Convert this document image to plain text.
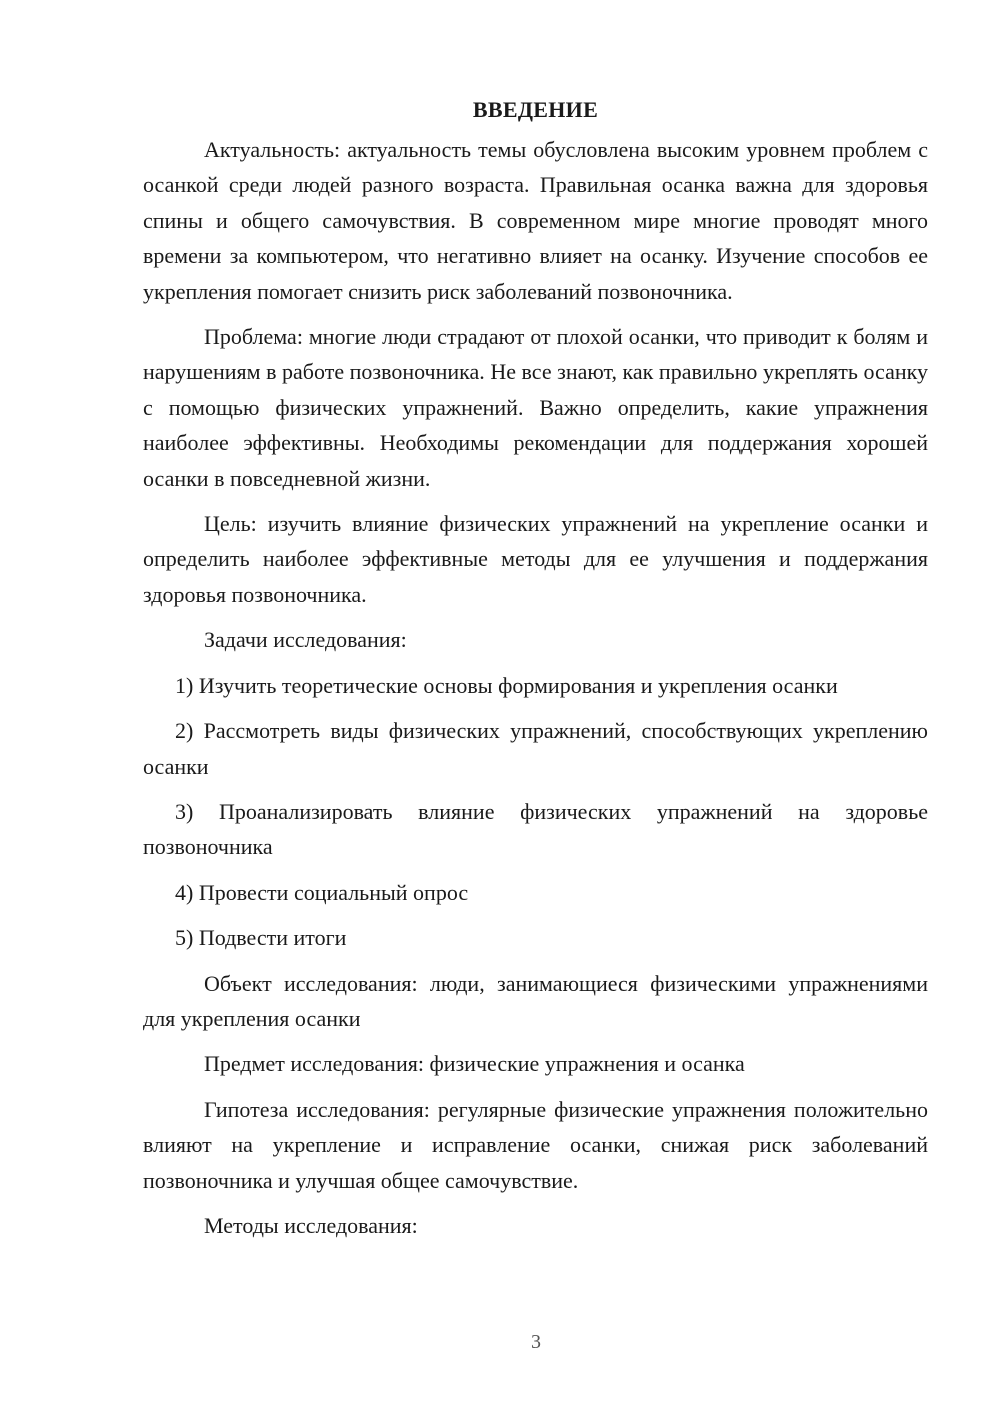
ВВЕДЕНИЕ

Актуальность: актуальность темы обусловлена высоким уровнем проблем с осанкой среди людей разного возраста. Правильная осанка важна для здоровья спины и общего самочувствия. В современном мире многие проводят много времени за компьютером, что негативно влияет на осанку. Изучение способов ее укрепления помогает снизить риск заболеваний позвоночника.

Проблема: многие люди страдают от плохой осанки, что приводит к болям и нарушениям в работе позвоночника. Не все знают, как правильно укреплять осанку с помощью физических упражнений. Важно определить, какие упражнения наиболее эффективны. Необходимы рекомендации для поддержания хорошей осанки в повседневной жизни.

Цель: изучить влияние физических упражнений на укрепление осанки и определить наиболее эффективные методы для ее улучшения и поддержания здоровья позвоночника.

Задачи исследования:

1) Изучить теоретические основы формирования и укрепления осанки

2) Рассмотреть виды физических упражнений, способствующих укреплению осанки

3) Проанализировать влияние физических упражнений на здоровье позвоночника

4) Провести социальный опрос

5) Подвести итоги

Объект исследования: люди, занимающиеся физическими упражнениями для укрепления осанки

Предмет исследования: физические упражнения и осанка

Гипотеза исследования: регулярные физические упражнения положительно влияют на укрепление и исправление осанки, снижая риск заболеваний позвоночника и улучшая общее самочувствие.

Методы исследования:

3
